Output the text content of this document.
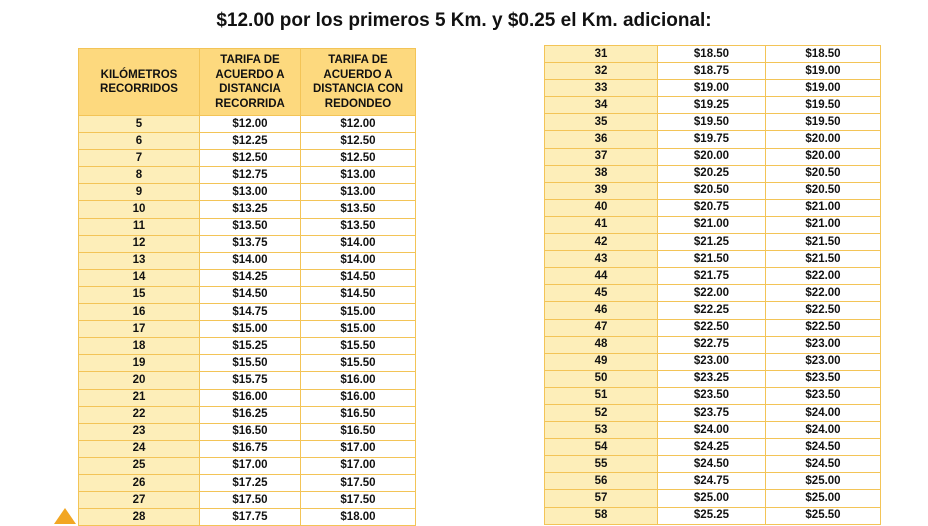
$12.00 por los primeros 5 Km. y $0.25 el Km. adicional:
KILÓMETROS RECORRIDOS	TARIFA DE ACUERDO A DISTANCIA RECORRIDA	TARIFA DE ACUERDO A DISTANCIA CON REDONDEO
5	$12.00	$12.00
6	$12.25	$12.50
7	$12.50	$12.50
8	$12.75	$13.00
9	$13.00	$13.00
10	$13.25	$13.50
11	$13.50	$13.50
12	$13.75	$14.00
13	$14.00	$14.00
14	$14.25	$14.50
15	$14.50	$14.50
16	$14.75	$15.00
17	$15.00	$15.00
18	$15.25	$15.50
19	$15.50	$15.50
20	$15.75	$16.00
21	$16.00	$16.00
22	$16.25	$16.50
23	$16.50	$16.50
24	$16.75	$17.00
25	$17.00	$17.00
26	$17.25	$17.50
27	$17.50	$17.50
28	$17.75	$18.00
31	$18.50	$18.50
32	$18.75	$19.00
33	$19.00	$19.00
34	$19.25	$19.50
35	$19.50	$19.50
36	$19.75	$20.00
37	$20.00	$20.00
38	$20.25	$20.50
39	$20.50	$20.50
40	$20.75	$21.00
41	$21.00	$21.00
42	$21.25	$21.50
43	$21.50	$21.50
44	$21.75	$22.00
45	$22.00	$22.00
46	$22.25	$22.50
47	$22.50	$22.50
48	$22.75	$23.00
49	$23.00	$23.00
50	$23.25	$23.50
51	$23.50	$23.50
52	$23.75	$24.00
53	$24.00	$24.00
54	$24.25	$24.50
55	$24.50	$24.50
56	$24.75	$25.00
57	$25.00	$25.00
58	$25.25	$25.50
